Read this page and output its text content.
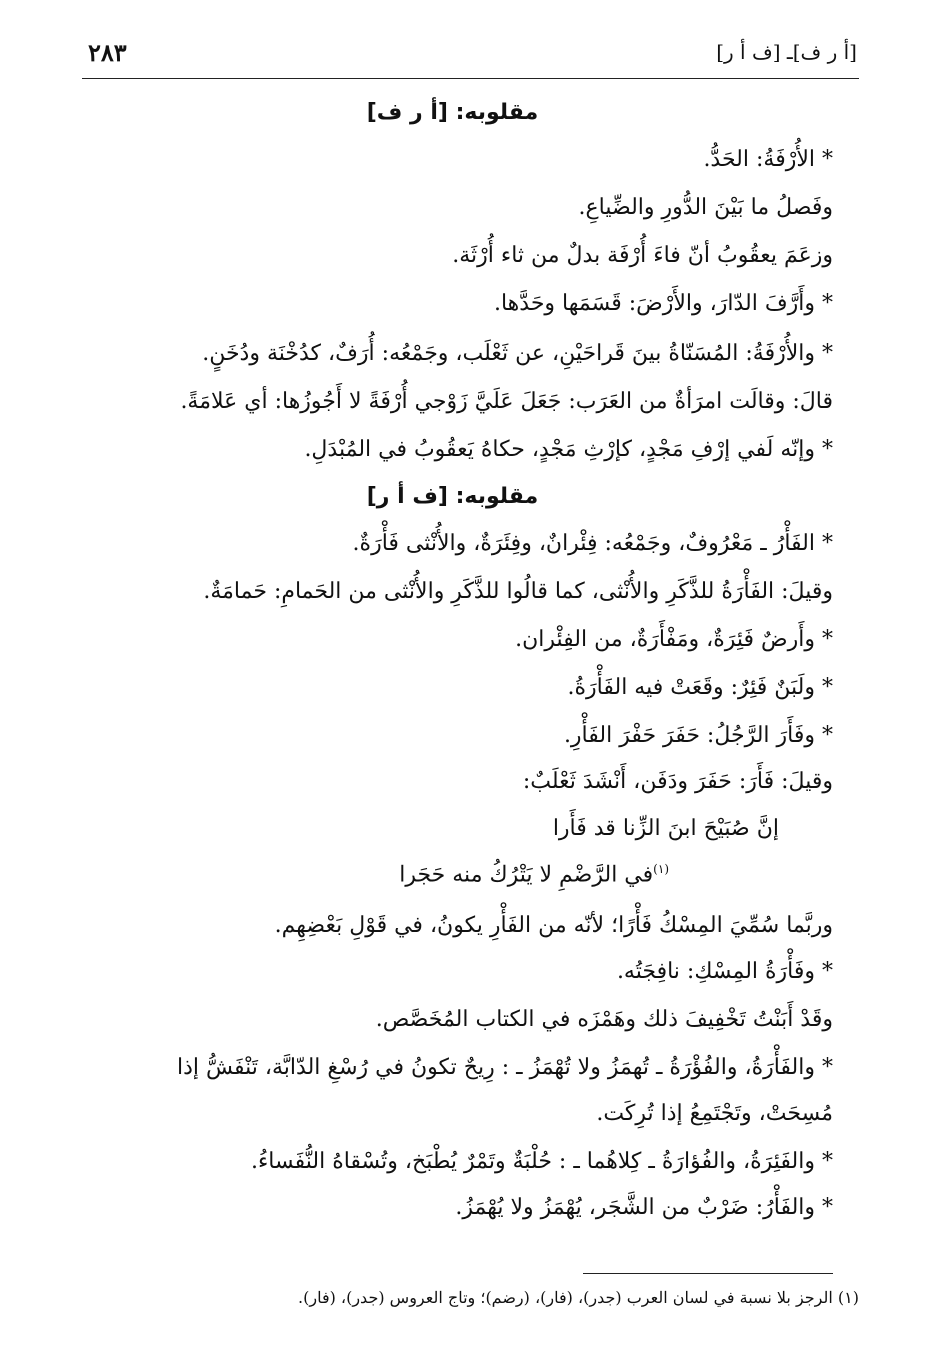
٢٨٣	[أ ر ف]ـ [ف أ ر]
مقلوبه: [أ ر ف]
* الأُرْفَةُ: الحَدُّ.
وفَصلُ ما بَيْنَ الدُّورِ والضِّياعِ.
وزعَمَ يعقُوبُ أنّ فاءَ أُرْفَة بدلٌ من ثاء أُرْثَة.
* وأَرَّفَ الدّارَ، والأَرْضَ: قَسَمَها وحَدَّها.
* والأُرْفَةُ: المُسَنّاةُ بينَ قَراحَيْنِ، عن ثَعْلَب، وجَمْعُه: أُرَفٌ، كدُخْنَة ودُخَنٍ.
قالَ: وقالَت امرَأةٌ من العَرَب: جَعَلَ عَلَيَّ زَوْجي أُرْفَةً لا أَجُوزُها: أي عَلامَةً.
* وإنّه لَفي إرْفِ مَجْدٍ، كإرْثِ مَجْدٍ، حكاهُ يَعقُوبُ في المُبْدَلِ.
مقلوبه: [ف أ ر]
* الفَأْرُ ـ مَعْرُوفٌ، وجَمْعُه: فِئْرانٌ، وفِئَرَةٌ، والأُنْثى فَأْرَةٌ.
وقيلَ: الفَأْرَةُ للذَّكَرِ والأُنْثى، كما قالُوا للذَّكَرِ والأُنْثى من الحَمامِ: حَمامَةٌ.
* وأَرضٌ فَئِرَةٌ، ومَفْأَرَةٌ، من الفِئْران.
* ولَبَنٌ فَئِرٌ: وقَعَتْ فيه الفَأْرَةُ.
* وفَأَرَ الرَّجُلُ: حَفَرَ حَفْرَ الفَأْرِ.
وقيلَ: فَأَرَ: حَفَرَ ودَفَن، أَنْشَدَ ثَعْلَبٌ:
إنَّ صُبَيْحَ ابنَ الزِّنا قد فَأَرا
$^{(١)}$في الرَّضْمِ لا يَتْرُكُ منه حَجَرا
وربَّما سُمِّيَ المِسْكُ فَأْرًا؛ لأنّه من الفَأْرِ يكونُ، في قَوْلِ بَعْضِهِم.
* وفَأْرَةُ المِسْكِ: نافِجَتُه.
وقَدْ أَبَنْتُ تَخْفِيفَ ذلك وهَمْزَه في الكتاب المُخَصَّص.
* والفَأْرَةُ، والفُؤْرَةُ ـ تُهمَزُ ولا تُهْمَزُ ـ : رِيحٌ تكونُ في رُسْغِ الدّابَّة، تَنْفَشُّ إذا
مُسِحَتْ، وتَجْتَمِعُ إذا تُرِكَت.
* والفَئِرَةُ، والفُؤارَةُ ـ كِلاهُما ـ : حُلْبَةٌ وتَمْرٌ يُطْبَخ، وتُسْقاهُ النُّفَساءُ.
* والفَأْرُ: ضَرْبٌ من الشَّجَر، يُهْمَزُ ولا يُهْمَزُ.
(١) الرجز بلا نسبة في لسان العرب (جدر)، (فار)، (رضم)؛ وتاج العروس (جدر)، (فار).
